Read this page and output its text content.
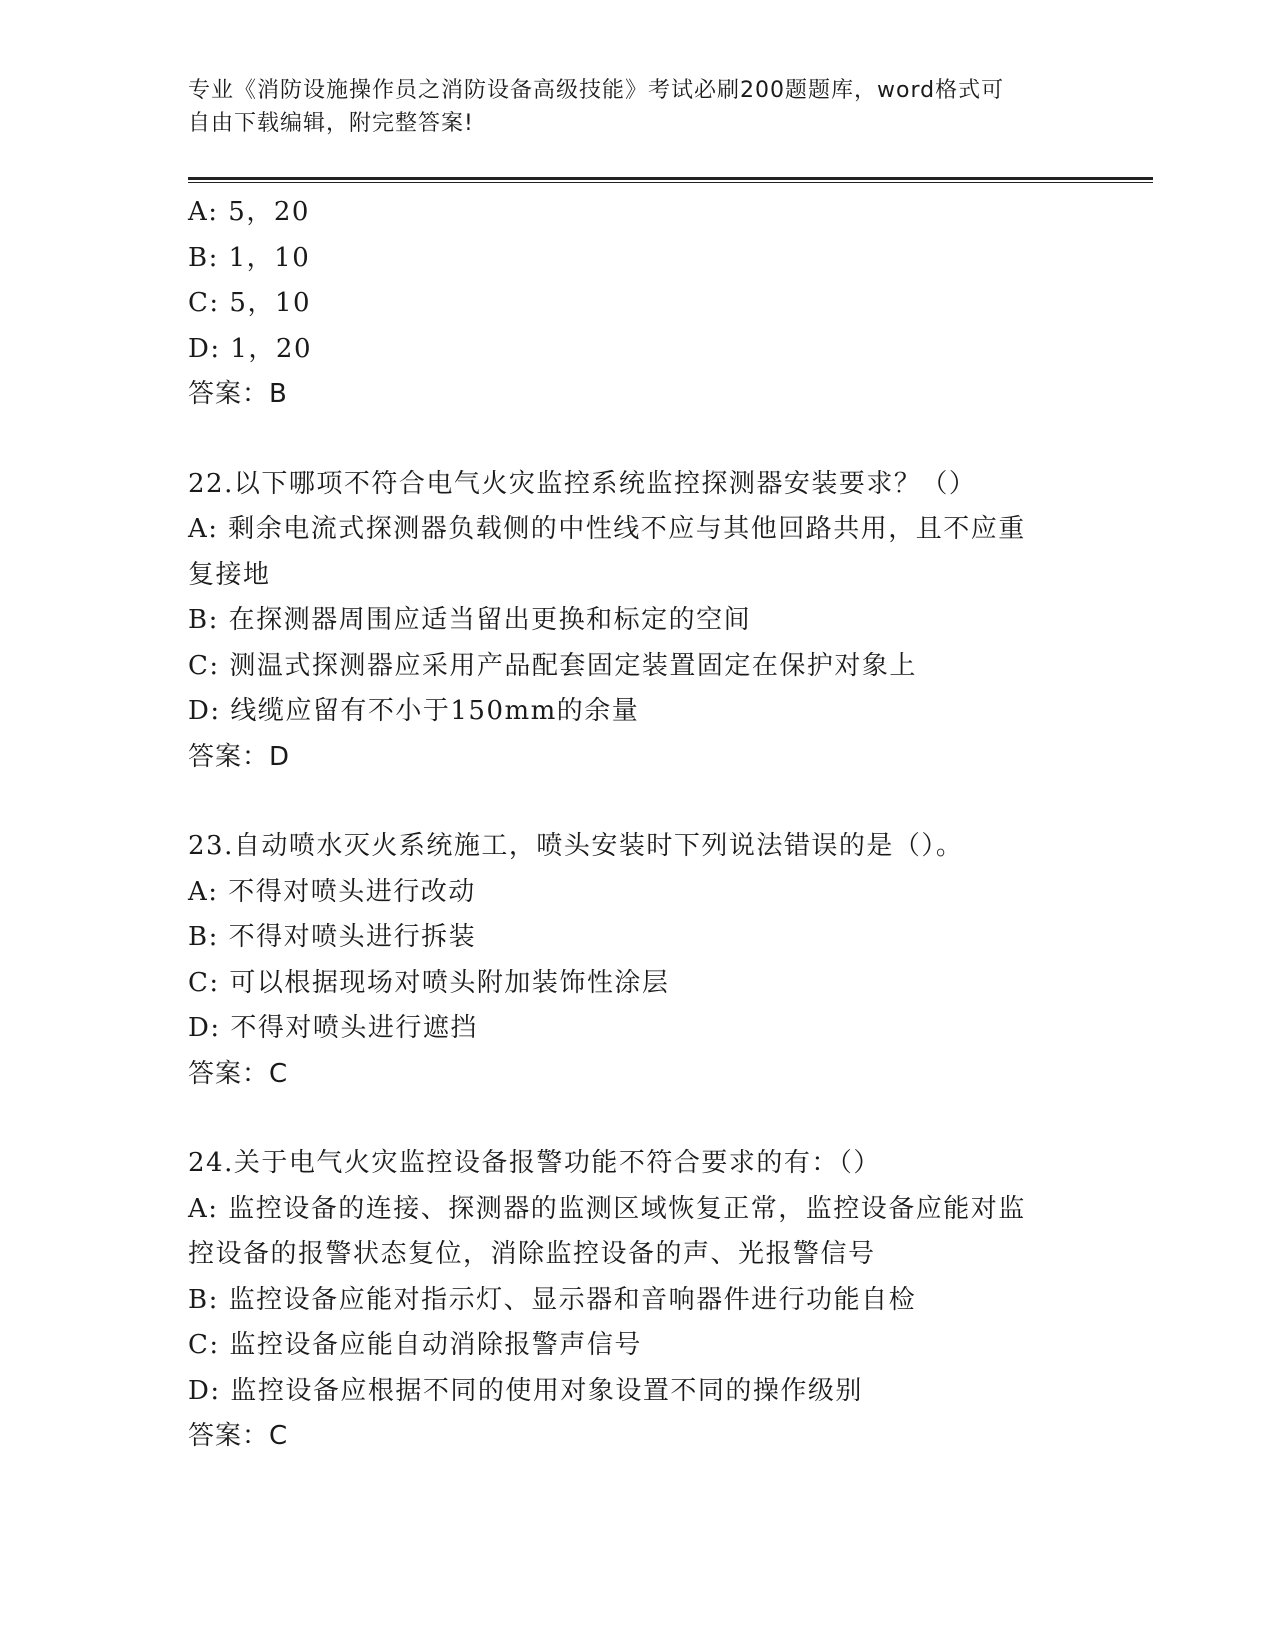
专业《消防设施操作员之消防设备高级技能》考试必刷200题题库，word格式可
自由下载编辑，附完整答案!
A: 5，20
B: 1，10
C: 5，10
D: 1，20
答案：B
22.以下哪项不符合电气火灾监控系统监控探测器安装要求？（）
A: 剩余电流式探测器负载侧的中性线不应与其他回路共用，且不应重
复接地
B: 在探测器周围应适当留出更换和标定的空间
C: 测温式探测器应采用产品配套固定装置固定在保护对象上
D: 线缆应留有不小于150mm的余量
答案：D
23.自动喷水灭火系统施工，喷头安装时下列说法错误的是（）。
A: 不得对喷头进行改动
B: 不得对喷头进行拆装
C: 可以根据现场对喷头附加装饰性涂层
D: 不得对喷头进行遮挡
答案：C
24.关于电气火灾监控设备报警功能不符合要求的有：（）
A: 监控设备的连接、探测器的监测区域恢复正常，监控设备应能对监
控设备的报警状态复位，消除监控设备的声、光报警信号
B: 监控设备应能对指示灯、显示器和音响器件进行功能自检
C: 监控设备应能自动消除报警声信号
D: 监控设备应根据不同的使用对象设置不同的操作级别
答案：C
